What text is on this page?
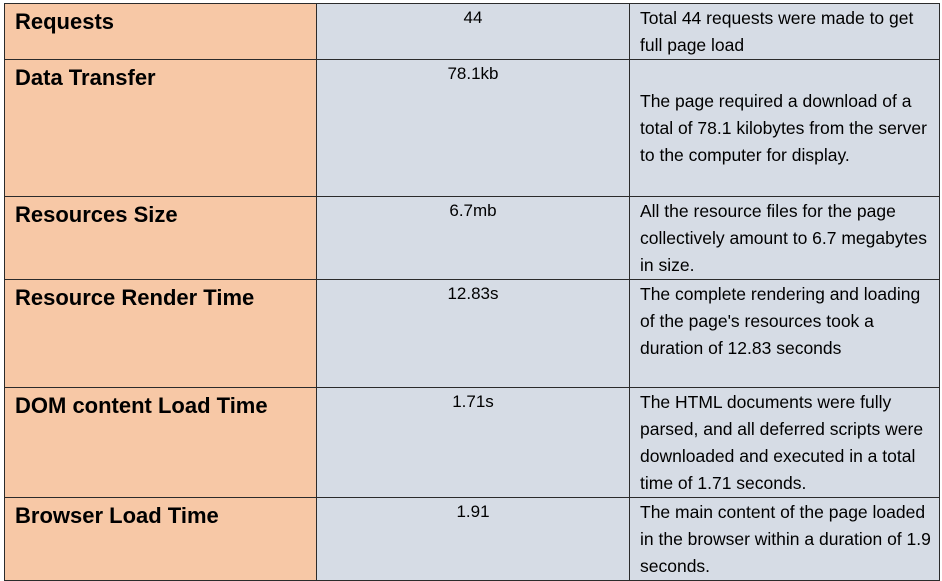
Requests	44	Total 44 requests were made to get full page load

Data Transfer	78.1kb	The page required a download of a total of 78.1 kilobytes from the server to the computer for display.

Resources Size	6.7mb	All the resource files for the page collectively amount to 6.7 megabytes in size.

Resource Render Time	12.83s	The complete rendering and loading of the page's resources took a duration of 12.83 seconds

DOM content Load Time	1.71s	The HTML documents were fully parsed, and all deferred scripts were downloaded and executed in a total time of 1.71 seconds.

Browser Load Time	1.91	The main content of the page loaded in the browser within a duration of 1.9 seconds.
